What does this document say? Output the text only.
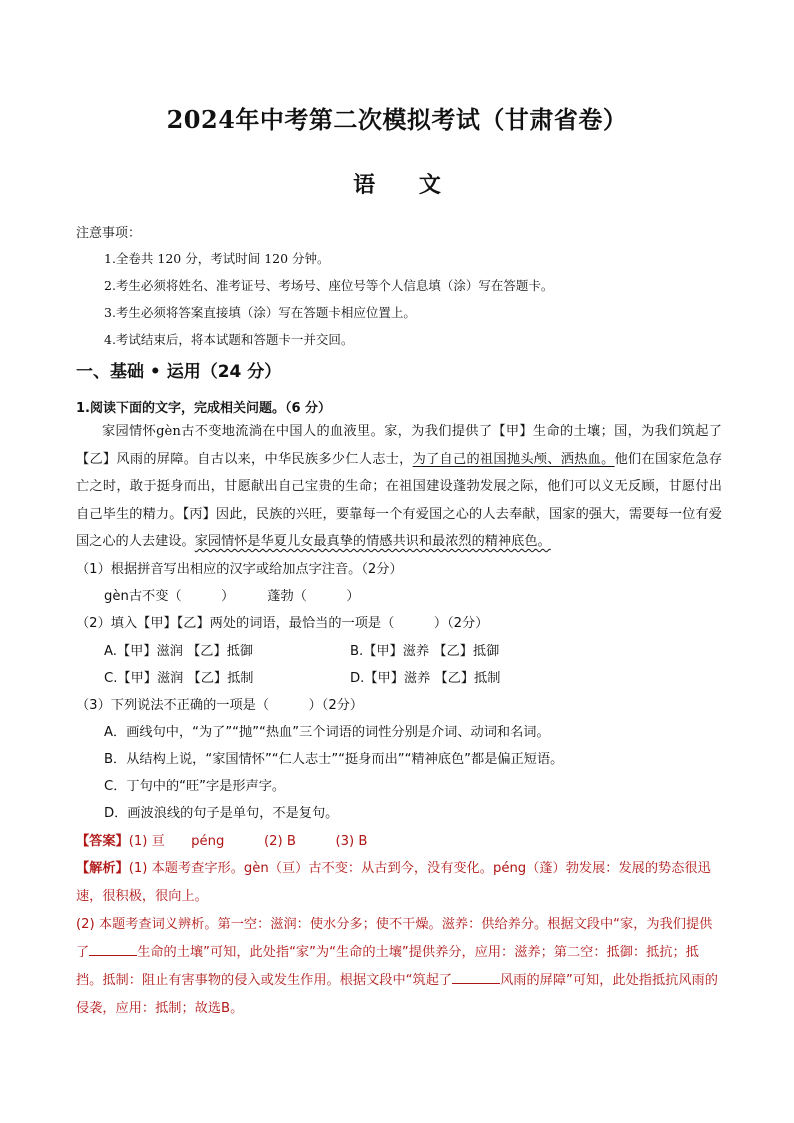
2024年中考第二次模拟考试（甘肃省卷）
语 文
注意事项：
1.全卷共 120 分，考试时间 120 分钟。
2.考生必须将姓名、准考证号、考场号、座位号等个人信息填（涂）写在答题卡。
3.考生必须将答案直接填（涂）写在答题卡相应位置上。
4.考试结束后，将本试题和答题卡一并交回。
一、基础 • 运用（24 分）
1.阅读下面的文字，完成相关问题。（6 分）
家园情怀gèn古不变地流淌在中国人的血液里。家，为我们提供了【甲】生命的土壤；国，为我们筑起了【乙】风雨的屏障。自古以来，中华民族多少仁人志士，为了自己的祖国抛头颅、洒热血。他们在国家危急存亡之时，敢于挺身而出，甘愿献出自己宝贵的生命；在祖国建设蓬勃发展之际，他们可以义无反顾，甘愿付出自己毕生的精力。【丙】因此，民族的兴旺，要靠每一个有爱国之心的人去奉献，国家的强大，需要每一位有爱国之心的人去建设。家园情怀是华夏儿女最真挚的情感共识和最浓烈的精神底色。
（1）根据拼音写出相应的汉字或给加点字注音。（2分）
gèn古不变（　　　）　　　蓬勃（　　　）
（2）填入【甲】【乙】两处的词语，最恰当的一项是（　　　）（2分）
A.【甲】滋润 【乙】抵御	B.【甲】滋养 【乙】抵御
C.【甲】滋润 【乙】抵制	D.【甲】滋养 【乙】抵制
（3）下列说法不正确的一项是（　　　）（2分）
A．画线句中，“为了”“抛”“热血”三个词语的词性分别是介词、动词和名词。
B．从结构上说，“家国情怀”“仁人志士”“挺身而出”“精神底色”都是偏正短语。
C．丁句中的“旺”字是形声字。
D．画波浪线的句子是单句，不是复句。
【答案】(1) 亘　　péng　　　(2) B　　　(3) B
【解析】(1) 本题考查字形。gèn（亘）古不变：从古到今，没有变化。péng（蓬）勃发展：发展的势态很迅速，很积极，很向上。
(2) 本题考查词义辨析。第一空：滋润：使水分多；使不干燥。滋养：供给养分。根据文段中“家，为我们提供了	生命的土壤”可知，此处指“家”为“生命的土壤”提供养分，应用：滋养；第二空：抵御：抵抗；抵挡。抵制：阻止有害事物的侵入或发生作用。根据文段中“筑起了	风雨的屏障”可知，此处指抵抗风雨的侵袭，应用：抵制；故选B。
